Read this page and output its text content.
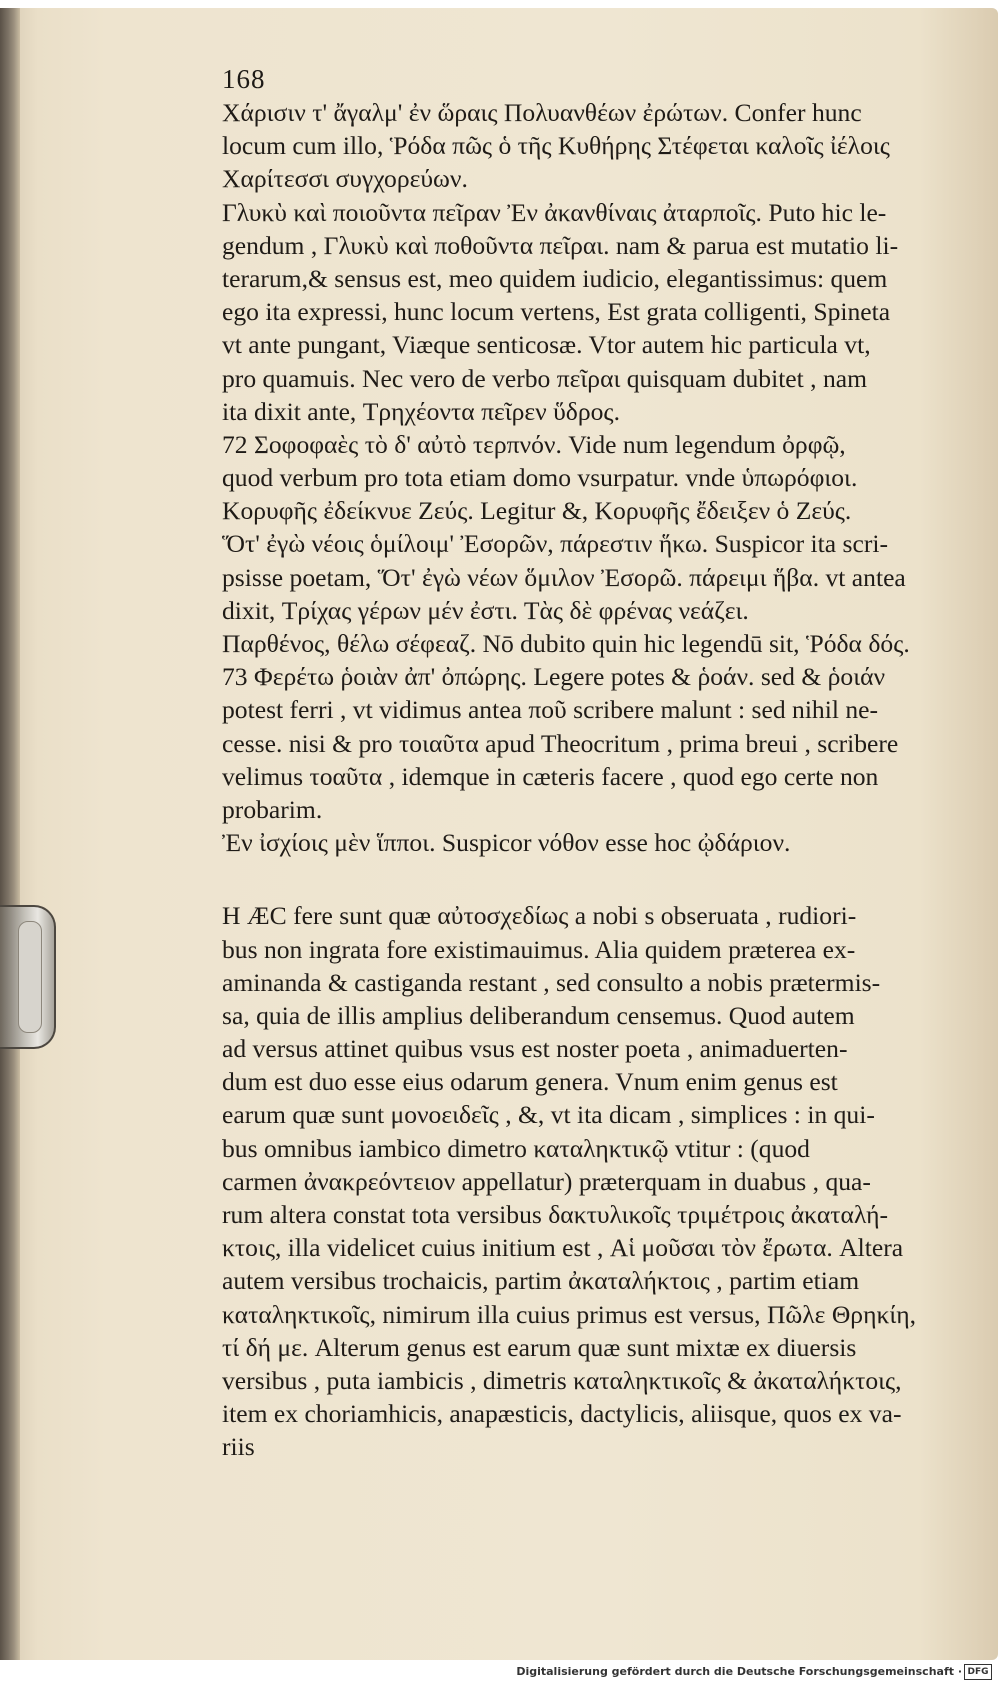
168
Χάρισιν τ' ἄγαλμ' ἐν ὥραις Πολυανθέων ἐρώτων. Confer hunc
locum cum illo, Ῥόδα πῶς ὁ τῆς Κυθήρης Στέφεται καλοῖς ἰέλοις
Χαρίτεσσι συγχορεύων.
Γλυκὺ καὶ ποιοῦντα πεῖραν Ἐν ἀκανθίναις ἀταρποῖς. Puto hic le-
gendum , Γλυκὺ καὶ ποθοῦντα πεῖραι. nam & parua est mutatio li-
terarum,& sensus est, meo quidem iudicio, elegantissimus: quem
ego ita expressi, hunc locum vertens, Est grata colligenti, Spineta
vt ante pungant, Viæque senticosæ. Vtor autem hic particula vt,
pro quamuis. Nec vero de verbo πεῖραι quisquam dubitet , nam
ita dixit ante, Τρηχέοντα πεῖρεν ὕδρος.
72 Σοφοφαὲς τὸ δ' αὐτὸ τερπνόν. Vide num legendum ὀρφῷ,
quod verbum pro tota etiam domo vsurpatur. vnde ὑπωρόφιοι.
Κορυφῆς ἐδείκνυε Ζεύς. Legitur &, Κορυφῆς ἔδειξεν ὁ Ζεύς.
Ὅτ' ἐγὼ νέοις ὁμίλοιμ' Ἐσορῶν, πάρεστιν ἥκω. Suspicor ita scri-
psisse poetam, Ὅτ' ἐγὼ νέων ὅμιλον Ἐσορῶ. πάρειμι ἥβα. vt antea
dixit, Τρίχας γέρων μέν ἐστι. Τὰς δὲ φρένας νεάζει.
Παρθένος, θέλω σέφεαζ. Nō dubito quin hic legendū sit, Ῥόδα δός.
73 Φερέτω ῥοιὰν ἀπ' ὀπώρης. Legere potes & ῥοάν. sed & ῥοιάν
potest ferri , vt vidimus antea ποῦ scribere malunt : sed nihil ne-
cesse. nisi & pro τοιαῦτα apud Theocritum , prima breui , scribere
velimus τοαῦτα , idemque in cæteris facere , quod ego certe non
probarim.
Ἐν ἰσχίοις μὲν ἵπποι. Suspicor νόθον esse hoc ᾠδάριον.
H ÆC fere sunt quæ αὐτοσχεδίως a nobi s obseruata , rudiori-
bus non ingrata fore existimauimus. Alia quidem præterea ex-
aminanda & castiganda restant , sed consulto a nobis prætermis-
sa, quia de illis amplius deliberandum censemus. Quod autem
ad versus attinet quibus vsus est noster poeta , animaduerten-
dum est duo esse eius odarum genera. Vnum enim genus est
earum quæ sunt μονοειδεῖς , &, vt ita dicam , simplices : in qui-
bus omnibus iambico dimetro καταληκτικῷ vtitur : (quod
carmen ἀνακρεόντειον appellatur) præterquam in duabus , qua-
rum altera constat tota versibus δακτυλικοῖς τριμέτροις ἀκαταλή-
κτοις, illa videlicet cuius initium est , Αἱ μοῦσαι τὸν ἔρωτα. Altera
autem versibus trochaicis, partim ἀκαταλήκτοις , partim etiam
καταληκτικοῖς, nimirum illa cuius primus est versus, Πῶλε Θρηκίη,
τί δή με. Alterum genus est earum quæ sunt mixtæ ex diuersis
versibus , puta iambicis , dimetris καταληκτικοῖς & ἀκαταλήκτοις,
item ex choriamhicis, anapæsticis, dactylicis, aliisque, quos ex va-
riis
Digitalisierung gefördert durch die Deutsche Forschungsgemeinschaft · DFG
